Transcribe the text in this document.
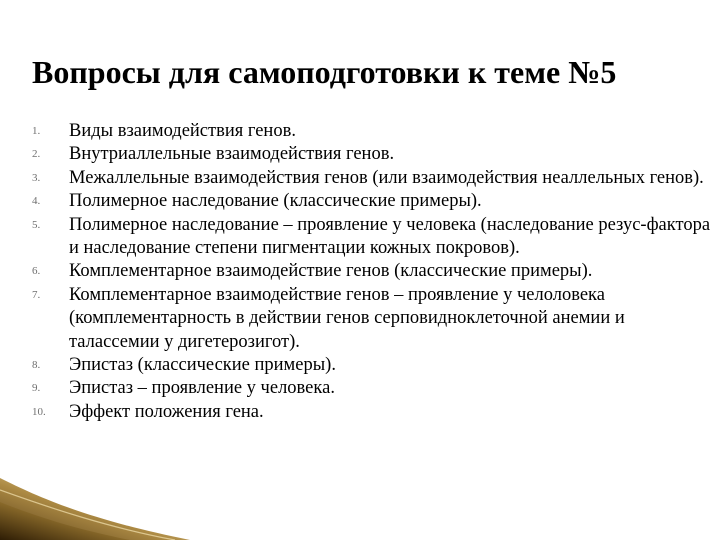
Вопросы для самоподготовки к теме №5
1. Виды взаимодействия генов.
2. Внутриаллельные взаимодействия генов.
3. Межаллельные взаимодействия генов (или взаимодействия неаллельных генов).
4. Полимерное наследование (классические примеры).
5. Полимерное наследование – проявление у человека (наследование резус-фактора и наследование степени пигментации кожных покровов).
6. Комплементарное взаимодействие генов (классические примеры).
7. Комплементарное взаимодействие генов – проявление у челоловека (комплементарность в действии генов серповидноклеточной анемии и талассемии у дигетерозигот).
8. Эпистаз (классические примеры).
9. Эпистаз – проявление у человека.
10. Эффект положения гена.
